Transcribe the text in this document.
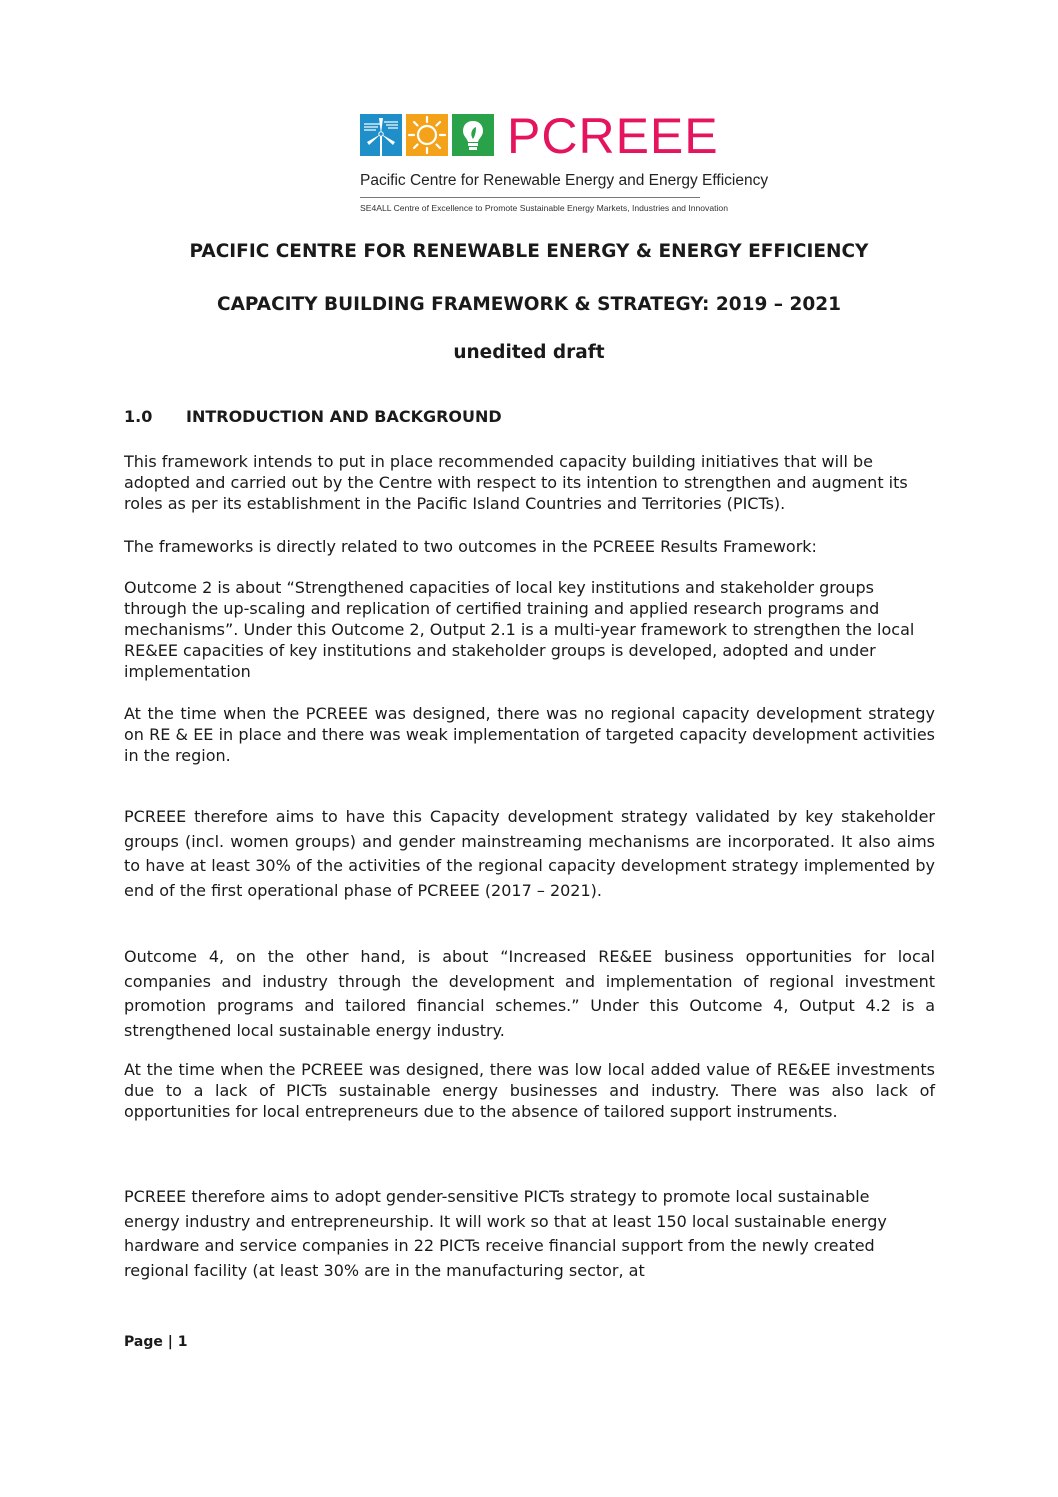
PCREEE
Pacific Centre for Renewable Energy and Energy Efficiency
SE4ALL Centre of Excellence to Promote Sustainable Energy Markets, Industries and Innovation
PACIFIC CENTRE FOR RENEWABLE ENERGY & ENERGY EFFICIENCY
CAPACITY BUILDING FRAMEWORK & STRATEGY: 2019 – 2021
unedited draft
1.0 INTRODUCTION AND BACKGROUND

This framework intends to put in place recommended capacity building initiatives that will be adopted and carried out by the Centre with respect to its intention to strengthen and augment its roles as per its establishment in the Pacific Island Countries and Territories (PICTs).

The frameworks is directly related to two outcomes in the PCREEE Results Framework:

Outcome 2 is about “Strengthened capacities of local key institutions and stakeholder groups through the up-scaling and replication of certified training and applied research programs and mechanisms”. Under this Outcome 2, Output 2.1 is a multi-year framework to strengthen the local RE&EE capacities of key institutions and stakeholder groups is developed, adopted and under implementation

At the time when the PCREEE was designed, there was no regional capacity development strategy on RE & EE in place and there was weak implementation of targeted capacity development activities in the region.

PCREEE therefore aims to have this Capacity development strategy validated by key stakeholder groups (incl. women groups) and gender mainstreaming mechanisms are incorporated. It also aims to have at least 30% of the activities of the regional capacity development strategy implemented by end of the first operational phase of PCREEE (2017 – 2021).

Outcome 4, on the other hand, is about “Increased RE&EE business opportunities for local companies and industry through the development and implementation of regional investment promotion programs and tailored financial schemes.” Under this Outcome 4, Output 4.2 is a strengthened local sustainable energy industry.

At the time when the PCREEE was designed, there was low local added value of RE&EE investments due to a lack of PICTs sustainable energy businesses and industry. There was also lack of opportunities for local entrepreneurs due to the absence of tailored support instruments.

PCREEE therefore aims to adopt gender-sensitive PICTs strategy to promote local sustainable energy industry and entrepreneurship. It will work so that at least 150 local sustainable energy hardware and service companies in 22 PICTs receive financial support from the newly created regional facility (at least 30% are in the manufacturing sector, at

Page | 1
